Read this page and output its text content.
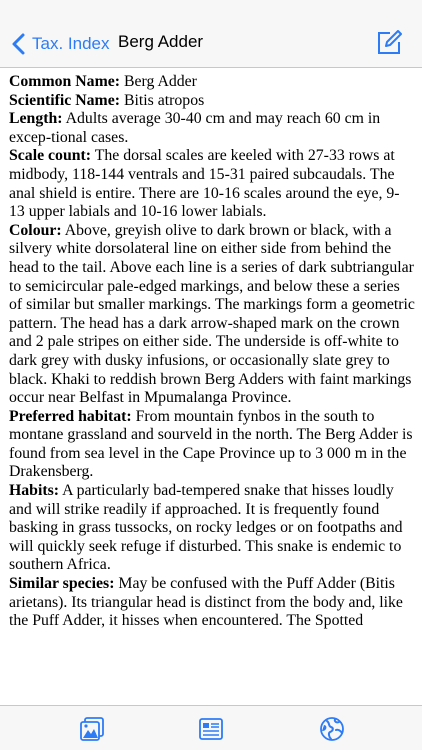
Tax. Index Berg Adder

Common Name: Berg Adder

Scientific Name: Bitis atropos

Length: Adults average 30-40 cm and may reach 60 cm in excep-tional cases.

Scale count: The dorsal scales are keeled with 27-33 rows at midbody, 118-144 ventrals and 15-31 paired subcaudals. The anal shield is entire. There are 10-16 scales around the eye, 9-13 upper labials and 10-16 lower labials.

Colour: Above, greyish olive to dark brown or black, with a silvery white dorsolateral line on either side from behind the head to the tail. Above each line is a series of dark subtriangular to semicircular pale-edged markings, and below these a series of similar but smaller markings. The markings form a geometric pattern. The head has a dark arrow-shaped mark on the crown and 2 pale stripes on either side. The underside is off-white to dark grey with dusky infusions, or occasionally slate grey to black. Khaki to reddish brown Berg Adders with faint markings occur near Belfast in Mpumalanga Province.

Preferred habitat: From mountain fynbos in the south to montane grassland and sourveld in the north. The Berg Adder is found from sea level in the Cape Province up to 3 000 m in the Drakensberg.

Habits: A particularly bad-tempered snake that hisses loudly and will strike readily if approached. It is frequently found basking in grass tussocks, on rocky ledges or on footpaths and will quickly seek refuge if disturbed. This snake is endemic to southern Africa.

Similar species: May be confused with the Puff Adder (Bitis arietans). Its triangular head is distinct from the body and, like the Puff Adder, it hisses when encountered. The Spotted
